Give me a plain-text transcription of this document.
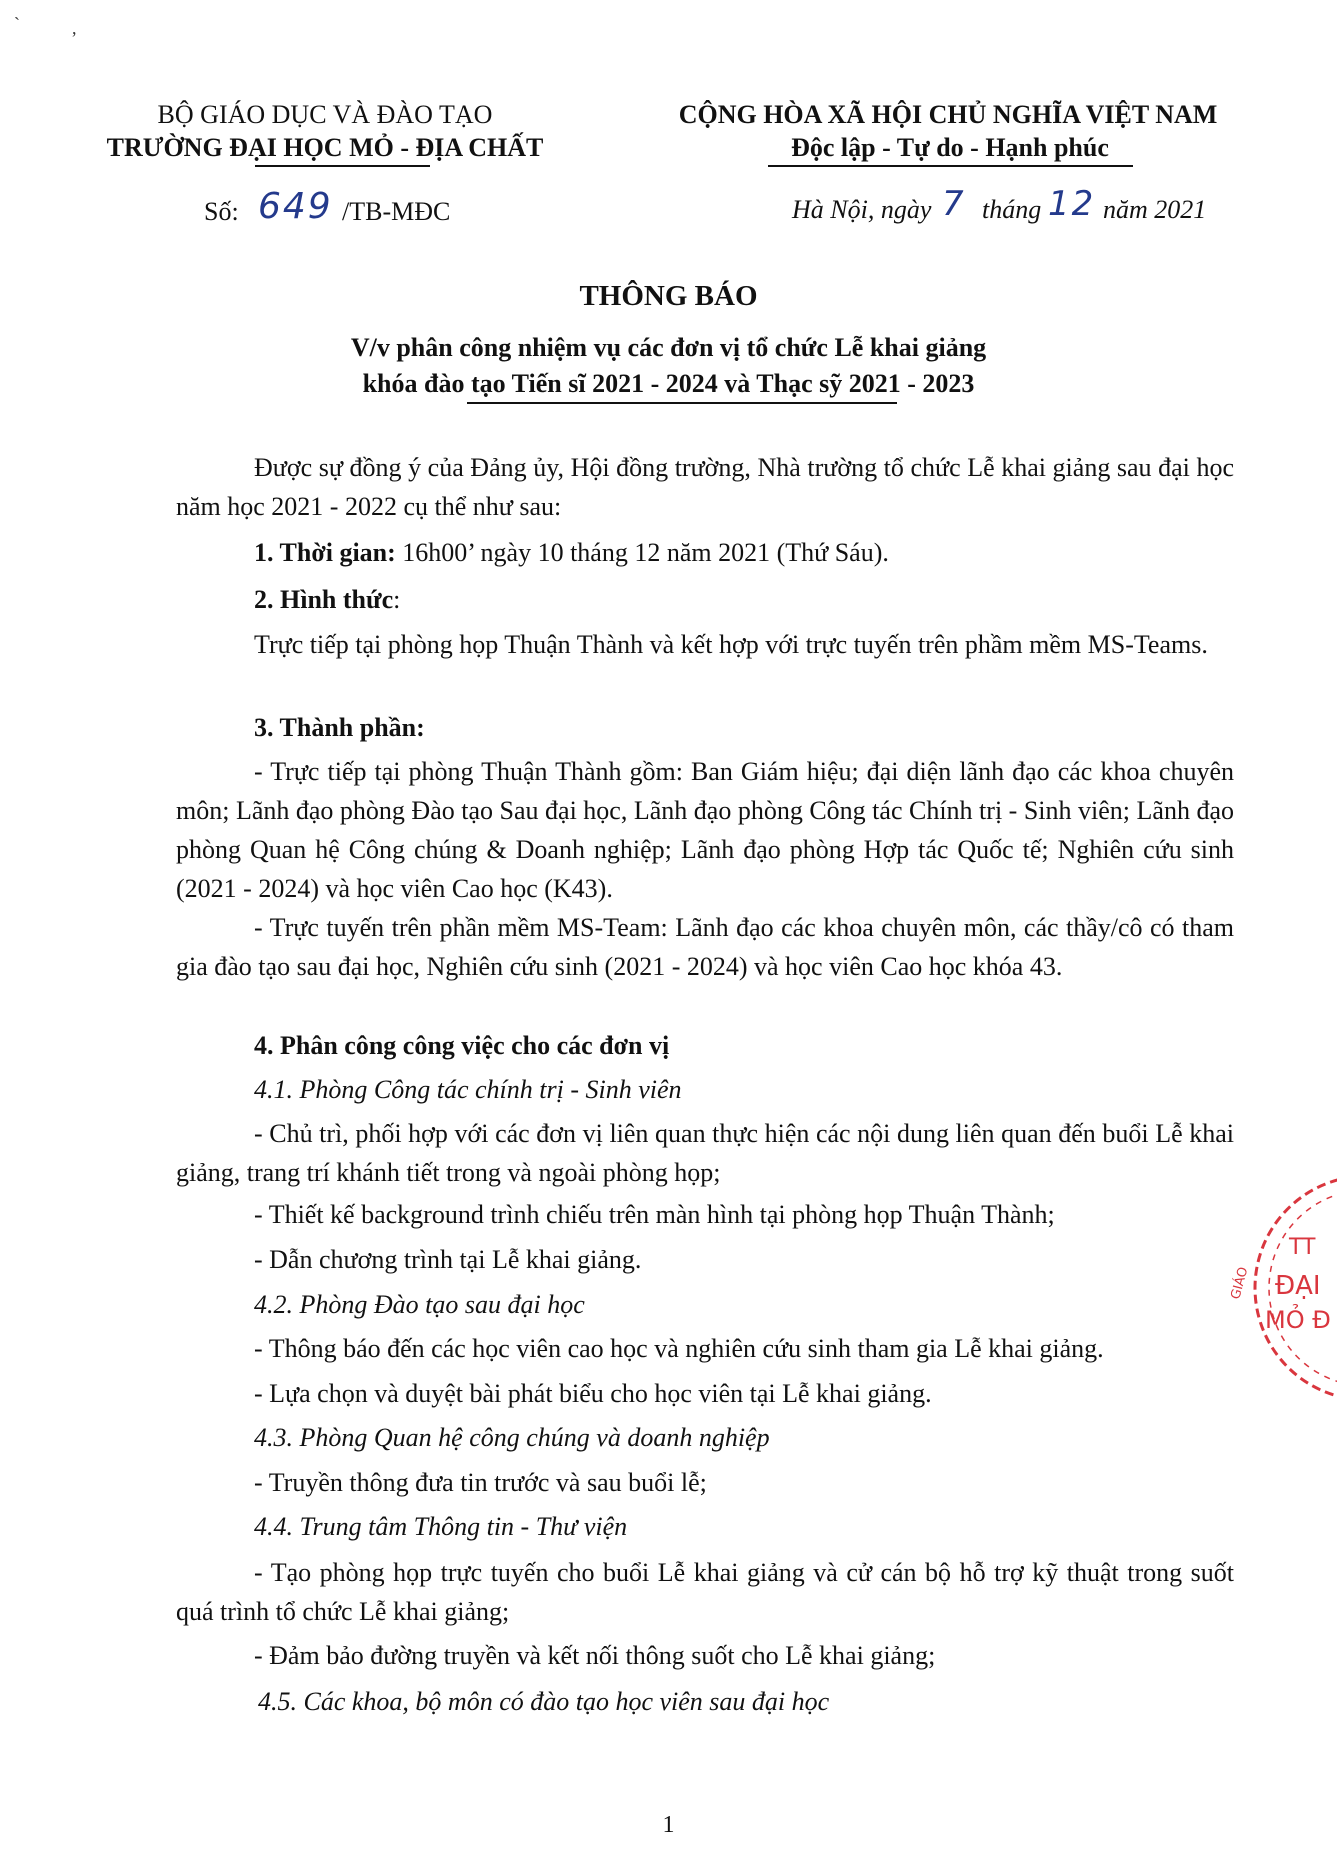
`	,
BỘ GIÁO DỤC VÀ ĐÀO TẠO
TRƯỜNG ĐẠI HỌC MỎ - ĐỊA CHẤT
CỘNG HÒA XÃ HỘI CHỦ NGHĨA VIỆT NAM
Độc lập - Tự do - Hạnh phúc
Số: 649 /TB-MĐC	Hà Nội, ngày 7 tháng 12 năm 2021
THÔNG BÁO
V/v phân công nhiệm vụ các đơn vị tổ chức Lễ khai giảng
khóa đào tạo Tiến sĩ 2021 - 2024 và Thạc sỹ 2021 - 2023
Được sự đồng ý của Đảng ủy, Hội đồng trường, Nhà trường tổ chức Lễ khai giảng sau đại học năm học 2021 - 2022 cụ thể như sau:
1. Thời gian: 16h00’ ngày 10 tháng 12 năm 2021 (Thứ Sáu).
2. Hình thức:
Trực tiếp tại phòng họp Thuận Thành và kết hợp với trực tuyến trên phầm mềm MS-Teams.
3. Thành phần:
- Trực tiếp tại phòng Thuận Thành gồm: Ban Giám hiệu; đại diện lãnh đạo các khoa chuyên môn; Lãnh đạo phòng Đào tạo Sau đại học, Lãnh đạo phòng Công tác Chính trị - Sinh viên; Lãnh đạo phòng Quan hệ Công chúng & Doanh nghiệp; Lãnh đạo phòng Hợp tác Quốc tế; Nghiên cứu sinh (2021 - 2024) và học viên Cao học (K43).
- Trực tuyến trên phần mềm MS-Team: Lãnh đạo các khoa chuyên môn, các thầy/cô có tham gia đào tạo sau đại học, Nghiên cứu sinh (2021 - 2024) và học viên Cao học khóa 43.
4. Phân công công việc cho các đơn vị
4.1. Phòng Công tác chính trị - Sinh viên
- Chủ trì, phối hợp với các đơn vị liên quan thực hiện các nội dung liên quan đến buổi Lễ khai giảng, trang trí khánh tiết trong và ngoài phòng họp;
- Thiết kế background trình chiếu trên màn hình tại phòng họp Thuận Thành;
- Dẫn chương trình tại Lễ khai giảng.
4.2. Phòng Đào tạo sau đại học
- Thông báo đến các học viên cao học và nghiên cứu sinh tham gia Lễ khai giảng.
- Lựa chọn và duyệt bài phát biểu cho học viên tại Lễ khai giảng.
4.3. Phòng Quan hệ công chúng và doanh nghiệp
- Truyền thông đưa tin trước và sau buổi lễ;
4.4. Trung tâm Thông tin - Thư viện
- Tạo phòng họp trực tuyến cho buổi Lễ khai giảng và cử cán bộ hỗ trợ kỹ thuật trong suốt quá trình tổ chức Lễ khai giảng;
- Đảm bảo đường truyền và kết nối thông suốt cho Lễ khai giảng;
4.5. Các khoa, bộ môn có đào tạo học viên sau đại học
1
GIÁO
TT
ĐẠI
MỎ Đ
